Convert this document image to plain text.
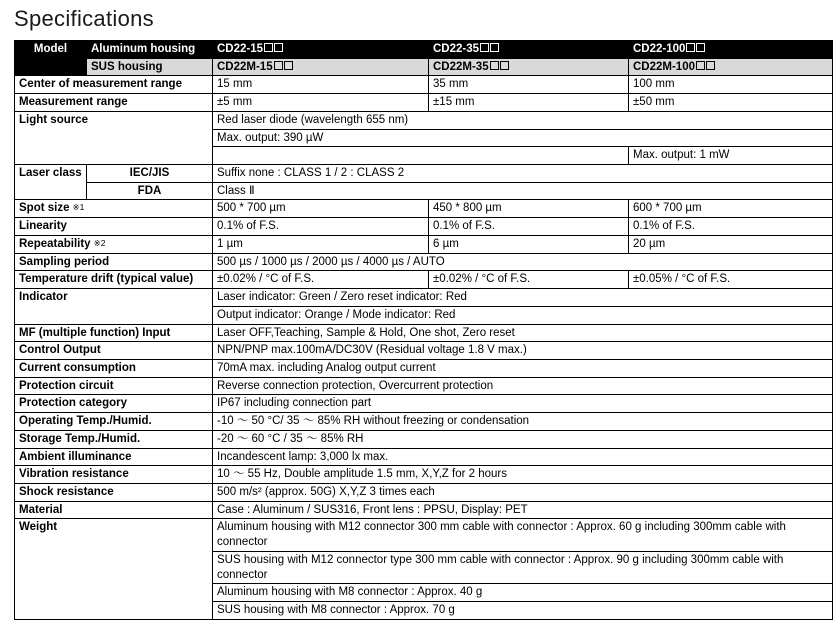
Specifications
Model	Aluminum housing	CD22-15	CD22-35	CD22-100
	SUS housing	CD22M-15	CD22M-35	CD22M-100
Center of measurement range		15 mm	35 mm	100 mm
Measurement range		±5 mm	±15 mm	±50 mm
Light source		Red laser diode (wavelength 655 nm)		
		Max. output: 390 µW		
				Max. output: 1 mW
Laser class	IEC/JIS	Suffix none : CLASS 1 / 2 : CLASS 2		
	FDA	Class Ⅱ		
Spot size ※1		500 * 700 µm	450 * 800 µm	600 * 700 µm
Linearity		0.1% of F.S.	0.1% of F.S.	0.1% of F.S.
Repeatability ※2		1 µm	6 µm	20 µm
Sampling period		500 µs / 1000 µs / 2000 µs / 4000 µs / AUTO		
Temperature drift (typical value)		±0.02% / °C of F.S.	±0.02% / °C of F.S.	±0.05% / °C of F.S.
Indicator		Laser indicator: Green / Zero reset indicator: Red		
		Output indicator: Orange / Mode indicator: Red		
MF (multiple function) Input		Laser OFF,Teaching, Sample & Hold, One shot, Zero reset		
Control Output		NPN/PNP max.100mA/DC30V (Residual voltage 1.8 V max.)		
Current consumption		70mA max. including Analog output current		
Protection circuit		Reverse connection protection, Overcurrent protection		
Protection category		IP67 including connection part		
Operating Temp./Humid.		-10 〜 50 °C/ 35 〜 85% RH without freezing or condensation		
Storage Temp./Humid.		-20 〜 60 °C / 35 〜 85% RH		
Ambient illuminance		Incandescent lamp: 3,000 lx max.		
Vibration resistance		10 〜 55 Hz, Double amplitude 1.5 mm, X,Y,Z for 2 hours		
Shock resistance		500 m/s² (approx. 50G) X,Y,Z 3 times each		
Material		Case : Aluminum / SUS316, Front lens : PPSU, Display: PET		
Weight		Aluminum housing with M12 connector 300 mm cable with connector : Approx. 60 g including 300mm cable with connector		
		SUS housing with M12 connector type 300 mm cable with connector : Approx. 90 g including 300mm cable with connector		
		Aluminum housing with M8 connector : Approx. 40 g		
		SUS housing with M8 connector : Approx. 70 g		
